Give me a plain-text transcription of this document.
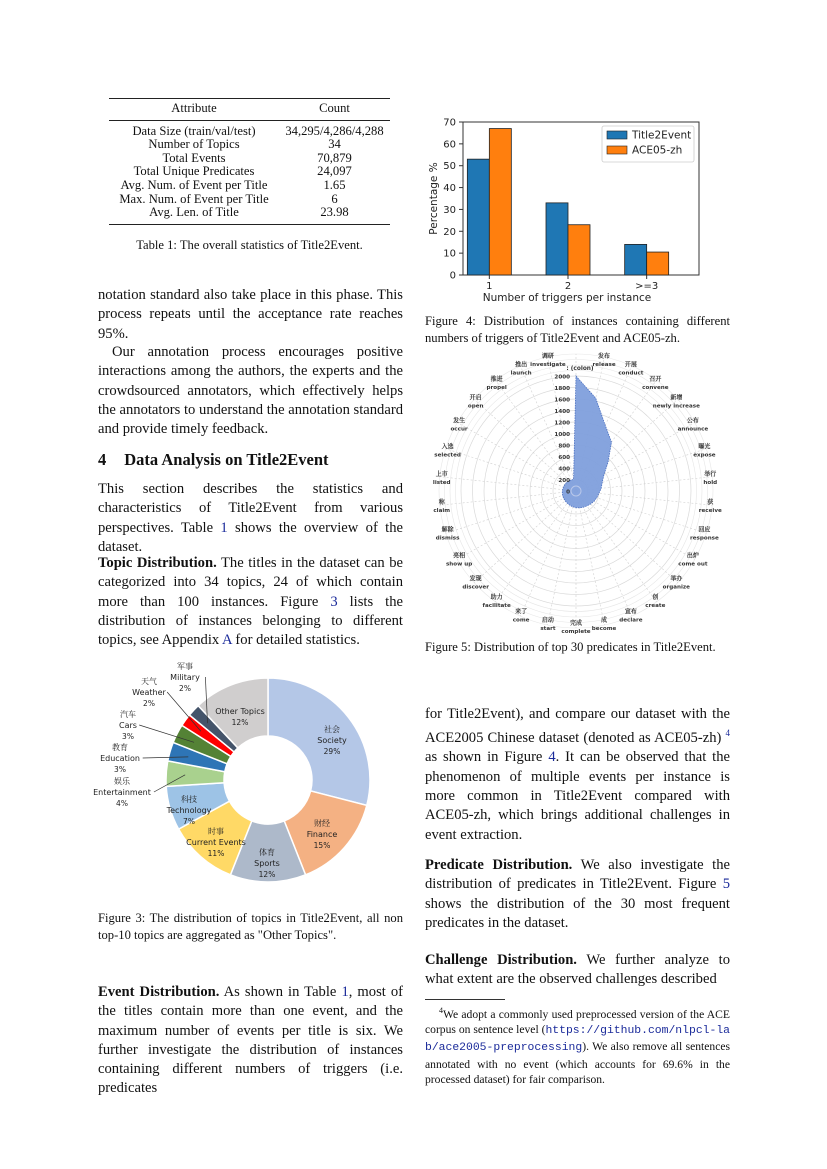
Attribute	Count
Data Size (train/val/test)	34,295/4,286/4,288
Number of Topics	34
Total Events	70,879
Total Unique Predicates	24,097
Avg. Num. of Event per Title	1.65
Max. Num. of Event per Title	6
Avg. Len. of Title	23.98
Table 1: The overall statistics of Title2Event.
notation standard also take place in this phase. This process repeats until the acceptance rate reaches 95%.
Our annotation process encourages positive interactions among the authors, the experts and the crowdsourced annotators, which effectively helps the annotators to understand the annotation standard and provide timely feedback.
4 Data Analysis on Title2Event
This section describes the statistics and characteristics of Title2Event from various perspectives. Table 1 shows the overview of the dataset.
Topic Distribution. The titles in the dataset can be categorized into 34 topics, 24 of which contain more than 100 instances. Figure 3 lists the distribution of instances belonging to different topics, see Appendix A for detailed statistics.
社会
Society
29%
财经
Finance
15%
体育
Sports
12%
时事
Current Events
11%
科技
Technology
7%
娱乐
Entertainment
4%
教育
Education
3%
汽车
Cars
3%
天气
Weather
2%
军事
Military
2%
Other Topics
12%
Figure 3: The distribution of topics in Title2Event, all non top-10 topics are aggregated as "Other Topics".
Event Distribution. As shown in Table 1, most of the titles contain more than one event, and the maximum number of events per title is six. We further investigate the distribution of instances containing different numbers of triggers (i.e. predicates
0
10
20
30
40
50
60
70
1	2	>=3
Number of triggers per instance
Percentage %
Title2Event
ACE05-zh
Figure 4: Distribution of instances containing different numbers of triggers of Title2Event and ACE05-zh.
0
200
400
600
800
1000
1200
1400
1600
1800
2000
: (colon)
发布
release 开展
conduct
召开
convene
新增
newly increase
公布
announce
曝光
expose
举行
hold
获
receive
回应
response
出炉
come out
举办
organize
创
create
宣布
declare
成
become
完成
complete
启动
start
来了
come
助力
facilitate
发现
discover
亮相
show up
解除
dismiss
称
claim
上市
listed
入选
selected
发生
occur
开启
open
推进
propel
推出
launch
调研
investigate
Figure 5: Distribution of top 30 predicates in Title2Event.
for Title2Event), and compare our dataset with the ACE2005 Chinese dataset (denoted as ACE05-zh) $^4$ as shown in Figure 4. It can be observed that the phenomenon of multiple events per instance is more common in Title2Event compared with ACE05-zh, which brings additional challenges in event extraction.
Predicate Distribution. We also investigate the distribution of predicates in Title2Event. Figure 5 shows the distribution of the 30 most frequent predicates in the dataset.
Challenge Distribution. We further analyze to what extent are the observed challenges described
$^4$We adopt a commonly used preprocessed version of the ACE corpus on sentence level (https://github.com/nlpcl-lab/ace2005-preprocessing). We also remove all sentences annotated with no event (which accounts for 69.6% in the processed dataset) for fair comparison.
